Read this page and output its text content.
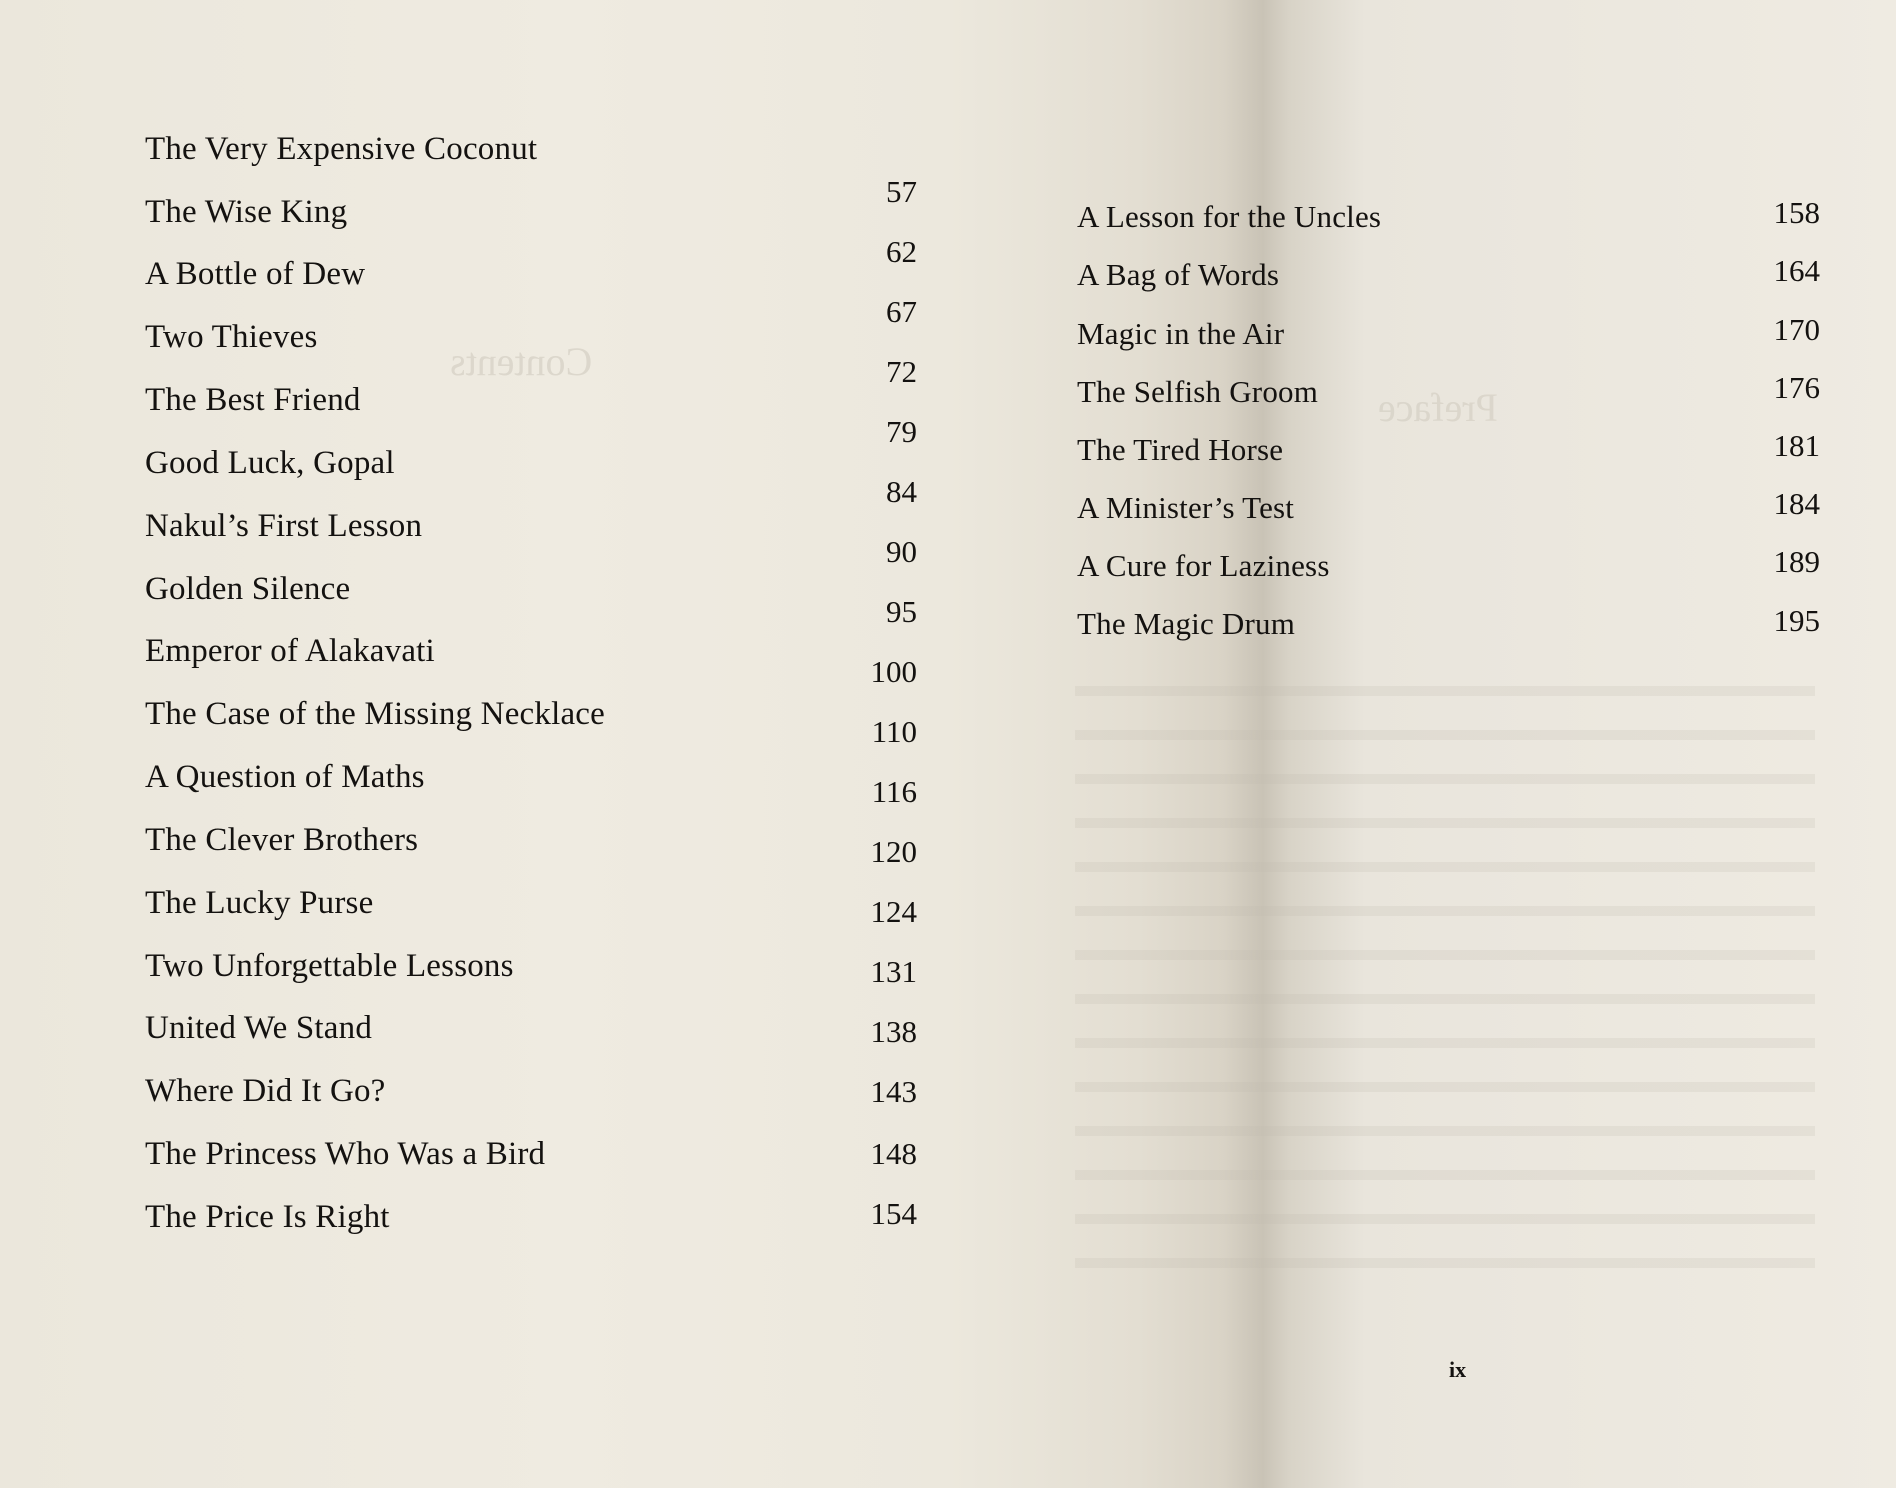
Contents
Preface
The Very Expensive Coconut
The Wise King
A Bottle of Dew
Two Thieves
The Best Friend
Good Luck, Gopal
Nakul’s First Lesson
Golden Silence
Emperor of Alakavati
The Case of the Missing Necklace
A Question of Maths
The Clever Brothers
The Lucky Purse
Two Unforgettable Lessons
United We Stand
Where Did It Go?
The Princess Who Was a Bird
The Price Is Right
57
62
67
72
79
84
90
95
100
110
116
120
124
131
138
143
148
154
A Lesson for the Uncles
A Bag of Words
Magic in the Air
The Selfish Groom
The Tired Horse
A Minister’s Test
A Cure for Laziness
The Magic Drum
158
164
170
176
181
184
189
195
ix
